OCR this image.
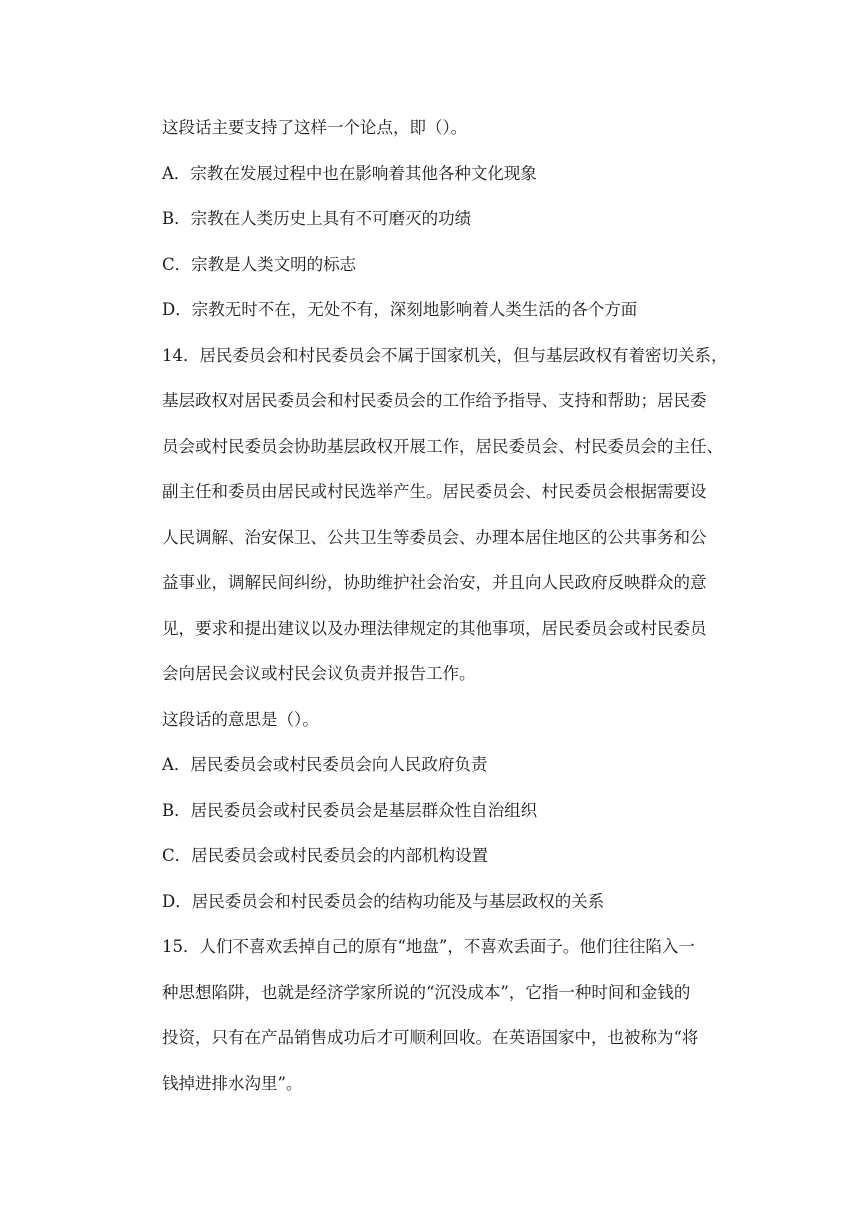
这段话主要支持了这样一个论点，即（）。
A．宗教在发展过程中也在影响着其他各种文化现象
B．宗教在人类历史上具有不可磨灭的功绩
C．宗教是人类文明的标志
D．宗教无时不在，无处不有，深刻地影响着人类生活的各个方面
14．居民委员会和村民委员会不属于国家机关，但与基层政权有着密切关系，
基层政权对居民委员会和村民委员会的工作给予指导、支持和帮助；居民委
员会或村民委员会协助基层政权开展工作，居民委员会、村民委员会的主任、
副主任和委员由居民或村民选举产生。居民委员会、村民委员会根据需要设
人民调解、治安保卫、公共卫生等委员会、办理本居住地区的公共事务和公
益事业，调解民间纠纷，协助维护社会治安，并且向人民政府反映群众的意
见，要求和提出建议以及办理法律规定的其他事项，居民委员会或村民委员
会向居民会议或村民会议负责并报告工作。
这段话的意思是（）。
A．居民委员会或村民委员会向人民政府负责
B．居民委员会或村民委员会是基层群众性自治组织
C．居民委员会或村民委员会的内部机构设置
D．居民委员会和村民委员会的结构功能及与基层政权的关系
15．人们不喜欢丢掉自己的原有“地盘”，不喜欢丢面子。他们往往陷入一
种思想陷阱，也就是经济学家所说的“沉没成本”，它指一种时间和金钱的
投资，只有在产品销售成功后才可顺利回收。在英语国家中，也被称为“将
钱掉进排水沟里”。
